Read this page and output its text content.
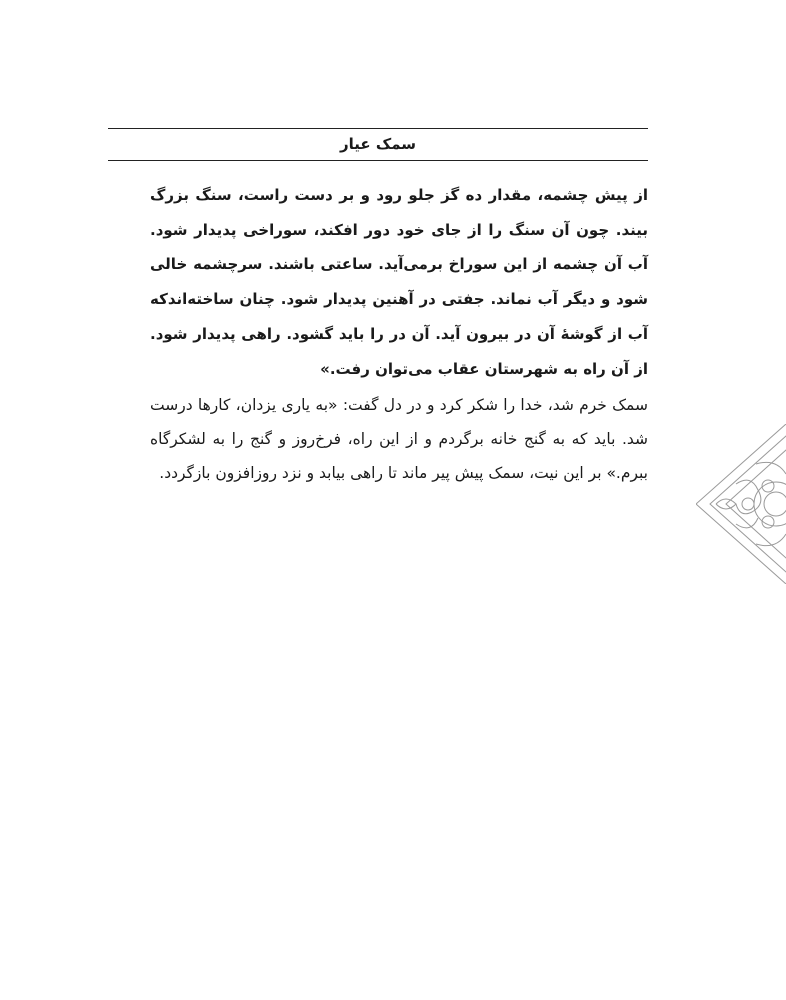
سمک عیار

از پیش چشمه، مقدار ده گز جلو رود و بر دست راست، سنگ بزرگ بیند. چون آن سنگ را از جای خود دور افکند، سوراخی پدیدار شود. آب آن چشمه از این سوراخ برمی‌آید. ساعتی باشند. سرچشمه خالی شود و دیگر آب نماند. جفتی در آهنین پدیدار شود. چنان ساخته‌اندکه آب از گوشهٔ آن در بیرون آید. آن در را باید گشود. راهی پدیدار شود. از آن راه به شهرستان عقاب می‌توان رفت.»

سمک خرم شد، خدا را شکر کرد و در دل گفت: «به یاری یزدان، کارها درست شد. باید که به گنج خانه برگردم و از این راه، فرخ‌روز و گنج را به لشکرگاه ببرم.» بر این نیت، سمک پیش پیر ماند تا راهی بیابد و نزد روزافزون بازگردد.
